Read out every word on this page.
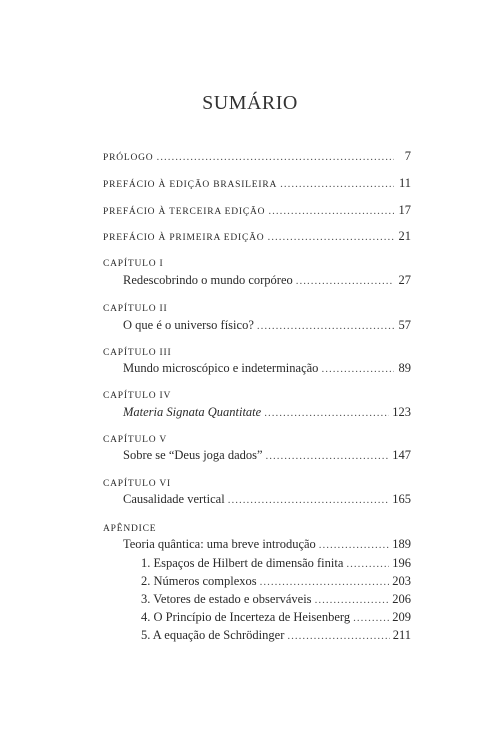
SUMÁRIO
PRÓLOGO .....	7
PREFÁCIO À EDIÇÃO BRASILEIRA .....	11
PREFÁCIO À TERCEIRA EDIÇÃO .....	17
PREFÁCIO À PRIMEIRA EDIÇÃO .....	21
CAPÍTULO I
Redescobrindo o mundo corpóreo .....	27
CAPÍTULO II
O que é o universo físico? .....	57
CAPÍTULO III
Mundo microscópico e indeterminação .....	89
CAPÍTULO IV
Materia Signata Quantitate .....	123
CAPÍTULO V
Sobre se “Deus joga dados” .....	147
CAPÍTULO VI
Causalidade vertical .....	165
APÊNDICE
Teoria quântica: uma breve introdução .....	189
1. Espaços de Hilbert de dimensão finita .....	196
2. Números complexos .....	203
3. Vetores de estado e observáveis .....	206
4. O Princípio de Incerteza de Heisenberg .....	209
5. A equação de Schrödinger .....	211
